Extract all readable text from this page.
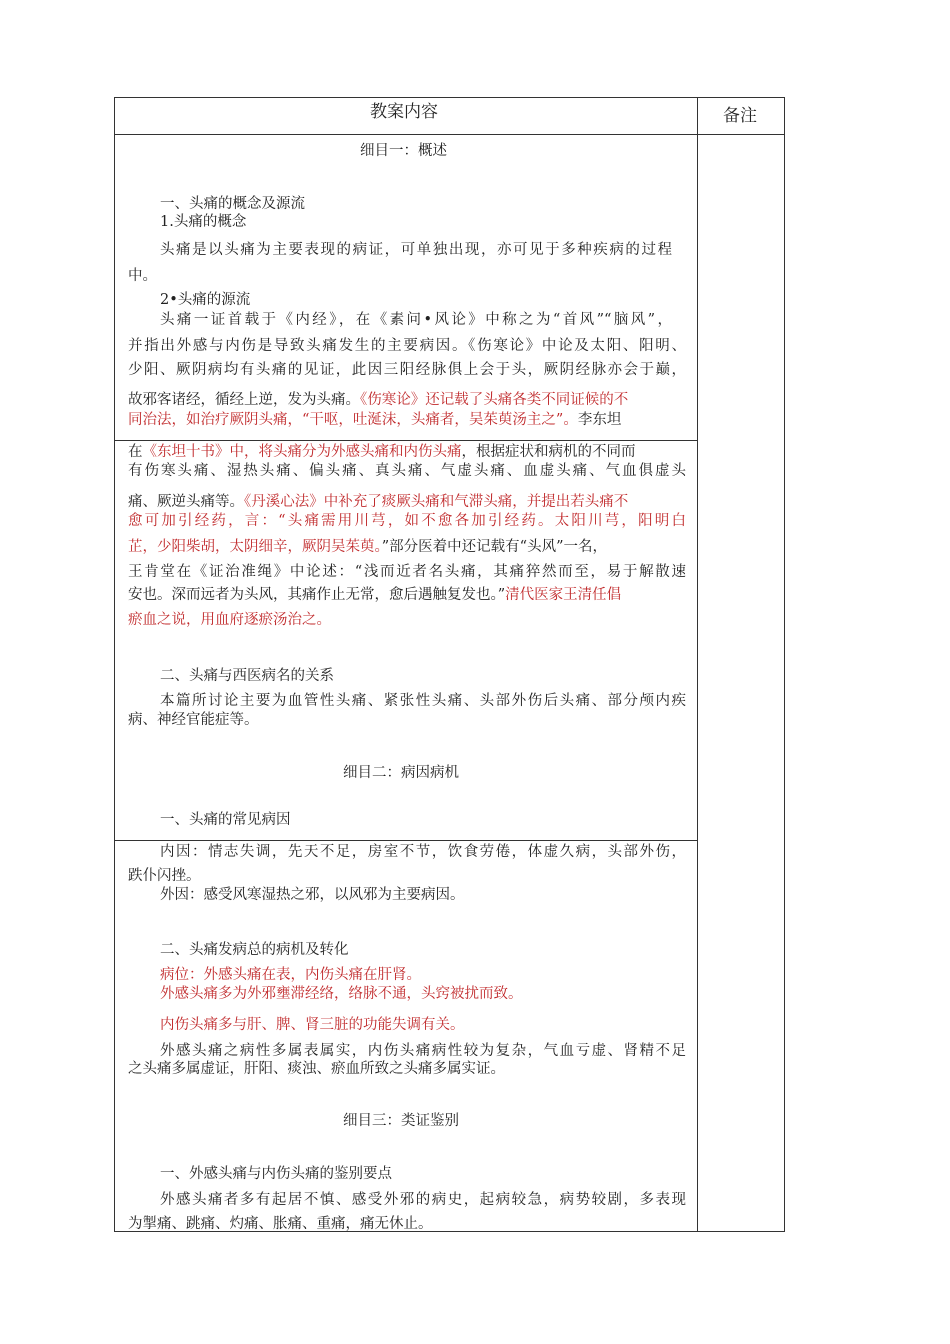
教案内容	备注
细目一：概述
一、头痛的概念及源流
1.头痛的概念
头痛是以头痛为主要表现的病证，可单独出现，亦可见于多种疾病的过程
中。
2•头痛的源流
头痛一证首载于《内经》，在《素问•风论》中称之为“首风”“脑风”，
并指出外感与内伤是导致头痛发生的主要病因。《伤寒论》中论及太阳、阳明、
少阳、厥阴病均有头痛的见证，此因三阳经脉俱上会于头，厥阴经脉亦会于巅，
故邪客诸经，循经上逆，发为头痛。《伤寒论》还记载了头痛各类不同证候的不
同治法，如治疗厥阴头痛，“干呕，吐涎沫，头痛者，吴茱萸汤主之”。李东坦
在《东坦十书》中，将头痛分为外感头痛和内伤头痛，根据症状和病机的不同而
有伤寒头痛、湿热头痛、偏头痛、真头痛、气虚头痛、血虚头痛、气血俱虚头
痛、厥逆头痛等。《丹溪心法》中补充了痰厥头痛和气滞头痛，并提出若头痛不
愈可加引经药，言：“头痛需用川芎，如不愈各加引经药。太阳川芎，阳明白
芷，少阳柴胡，太阴细辛，厥阴吴茱萸。”部分医着中还记载有“头风”一名，
王肯堂在《证治准绳》中论述：“浅而近者名头痛，其痛猝然而至，易于解散速
安也。深而远者为头风，其痛作止无常，愈后遇触复发也。”清代医家王清任倡
瘀血之说，用血府逐瘀汤治之。
二、头痛与西医病名的关系
本篇所讨论主要为血管性头痛、紧张性头痛、头部外伤后头痛、部分颅内疾
病、神经官能症等。
细目二：病因病机
一、头痛的常见病因
内因：情志失调，先天不足，房室不节，饮食劳倦，体虚久病，头部外伤，
跌仆闪挫。
外因：感受风寒湿热之邪，以风邪为主要病因。
二、头痛发病总的病机及转化
病位：外感头痛在表，内伤头痛在肝肾。
外感头痛多为外邪壅滞经络，络脉不通，头窍被扰而致。
内伤头痛多与肝、脾、肾三脏的功能失调有关。
外感头痛之病性多属表属实，内伤头痛病性较为复杂，气血亏虚、肾精不足
之头痛多属虚证，肝阳、痰浊、瘀血所致之头痛多属实证。
细目三：类证鉴别
一、外感头痛与内伤头痛的鉴别要点
外感头痛者多有起居不慎、感受外邪的病史，起病较急，病势较剧，多表现
为掣痛、跳痛、灼痛、胀痛、重痛，痛无休止。
